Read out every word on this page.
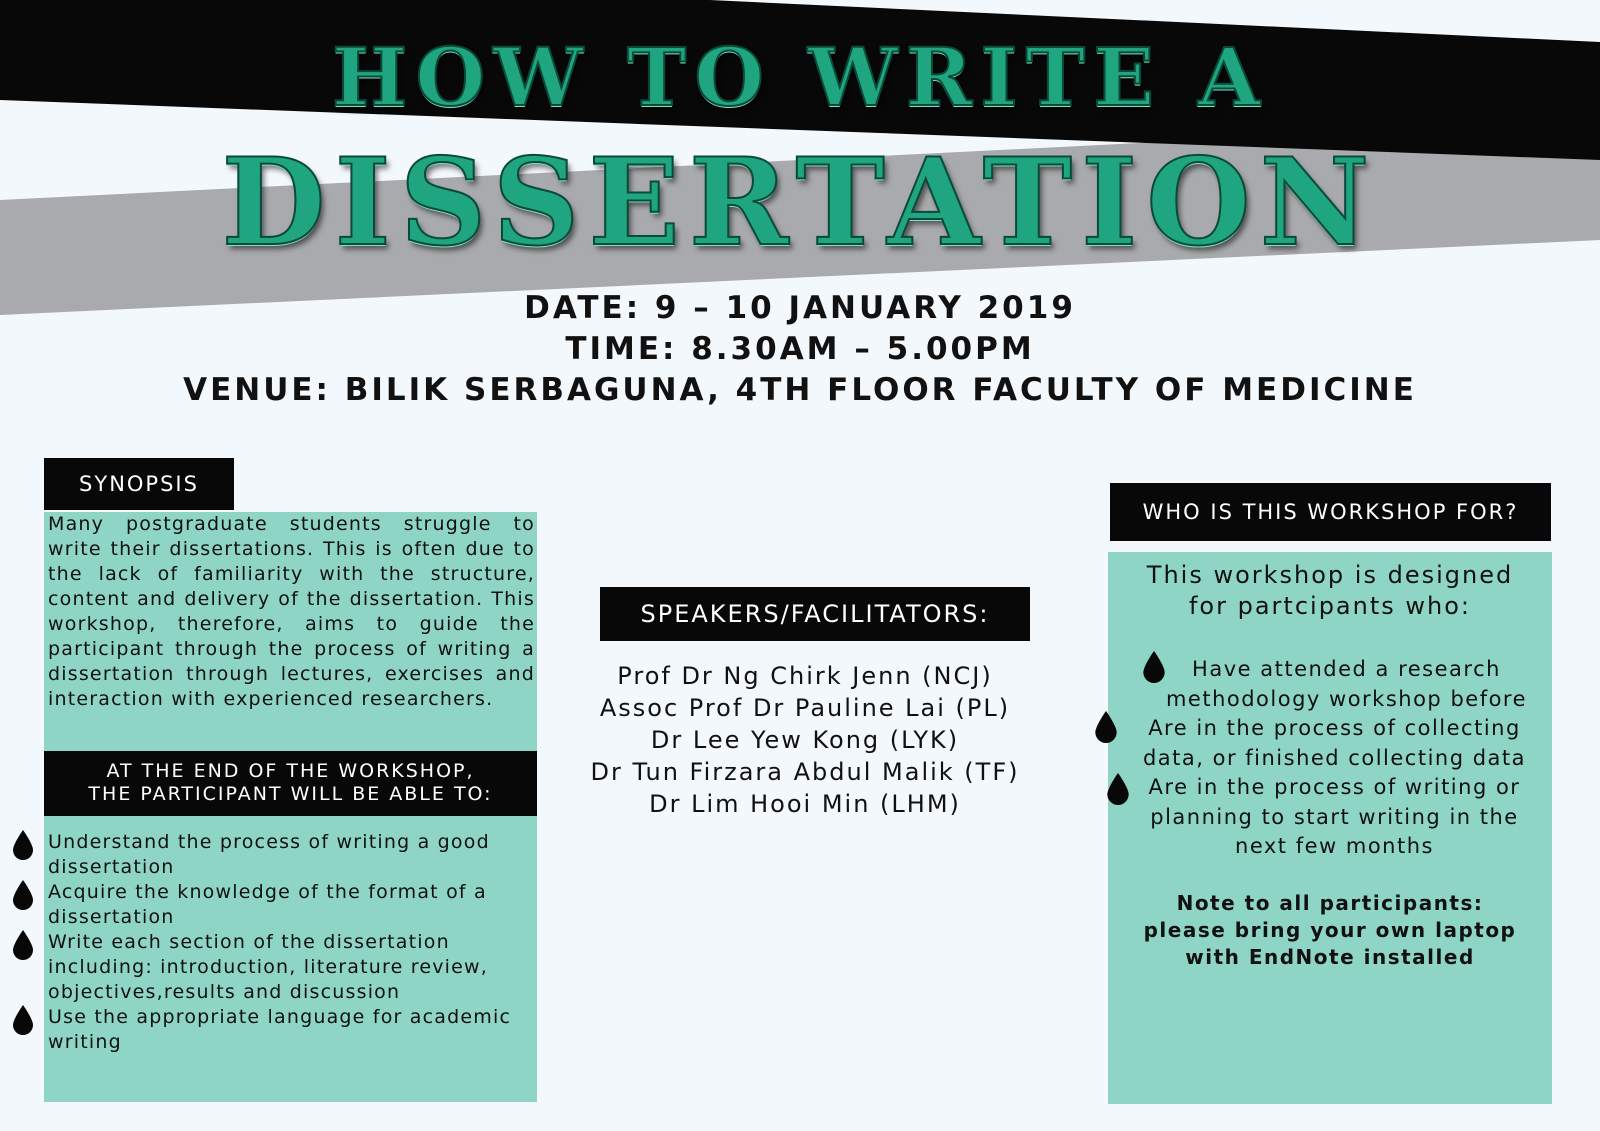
HOW TO WRITE A
DISSERTATION
DATE: 9 – 10 JANUARY 2019
TIME: 8.30AM – 5.00PM
VENUE: BILIK SERBAGUNA, 4TH FLOOR FACULTY OF MEDICINE
SYNOPSIS
Many postgraduate students struggle to write their dissertations. This is often due to the lack of familiarity with the structure, content and delivery of the dissertation. This workshop, therefore, aims to guide the participant through the process of writing a dissertation through lectures, exercises and interaction with experienced researchers.
AT THE END OF THE WORKSHOP,
THE PARTICIPANT WILL BE ABLE TO:
Understand the process of writing a good dissertation
Acquire the knowledge of the format of a dissertation
Write each section of the dissertation including: introduction, literature review, objectives,results and discussion
Use the appropriate language for academic writing
SPEAKERS/FACILITATORS:
Prof Dr Ng Chirk Jenn (NCJ)
Assoc Prof Dr Pauline Lai (PL)
Dr Lee Yew Kong (LYK)
Dr Tun Firzara Abdul Malik (TF)
Dr Lim Hooi Min (LHM)
WHO IS THIS WORKSHOP FOR?
This workshop is designed
for partcipants who:
Have attended a research methodology workshop before
Are in the process of collecting data, or finished collecting data
Are in the process of writing or planning to start writing in the next few months
Note to all participants:
please bring your own laptop
with EndNote installed
